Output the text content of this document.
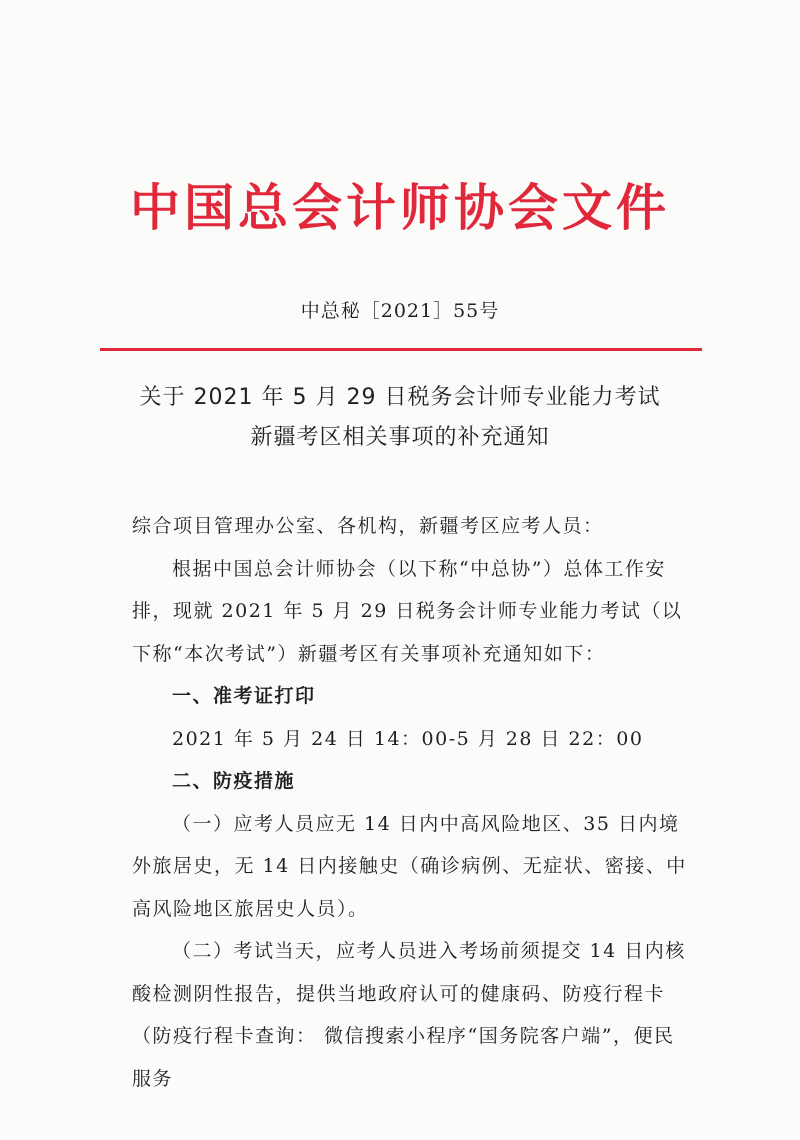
中国总会计师协会文件
中总秘［2021］55号
关于 2021 年 5 月 29 日税务会计师专业能力考试
新疆考区相关事项的补充通知

综合项目管理办公室、各机构，新疆考区应考人员：

根据中国总会计师协会（以下称“中总协”）总体工作安排，现就 2021 年 5 月 29 日税务会计师专业能力考试（以下称“本次考试”）新疆考区有关事项补充通知如下：

一、准考证打印

2021 年 5 月 24 日 14：00-5 月 28 日 22：00

二、防疫措施

（一）应考人员应无 14 日内中高风险地区、35 日内境外旅居史，无 14 日内接触史（确诊病例、无症状、密接、中高风险地区旅居史人员）。

（二）考试当天，应考人员进入考场前须提交 14 日内核酸检测阴性报告，提供当地政府认可的健康码、防疫行程卡（防疫行程卡查询： 微信搜索小程序“国务院客户端”，便民服务
